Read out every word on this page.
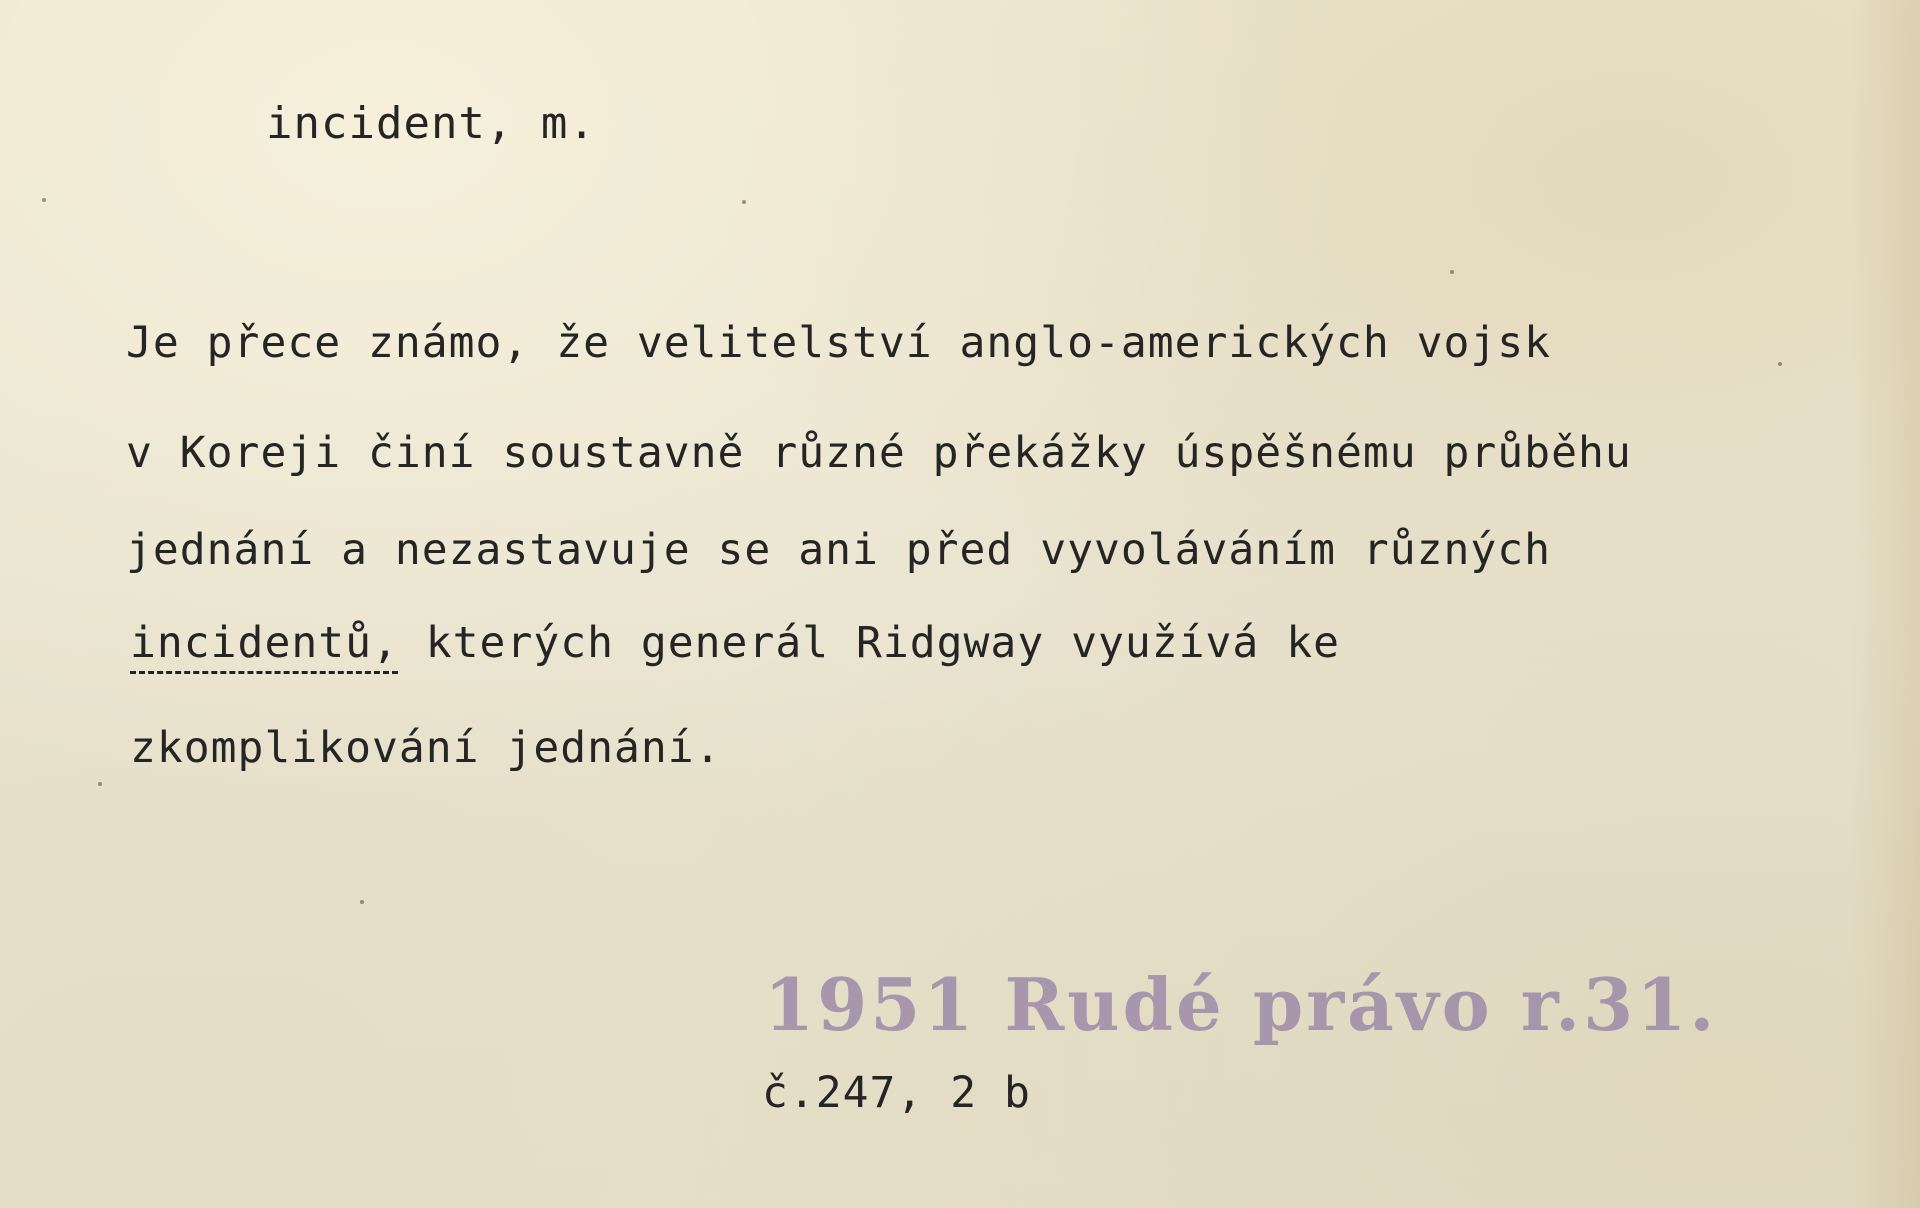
incident, m.
Je přece známo, že velitelství anglo-amerických vojsk
v Koreji činí soustavně různé překážky úspěšnému průběhu
jednání a nezastavuje se ani před vyvoláváním různých
incidentů, kterých generál Ridgway využívá ke
zkomplikování jednání.
1951 Rudé právo r.31.
č.247, 2 b
